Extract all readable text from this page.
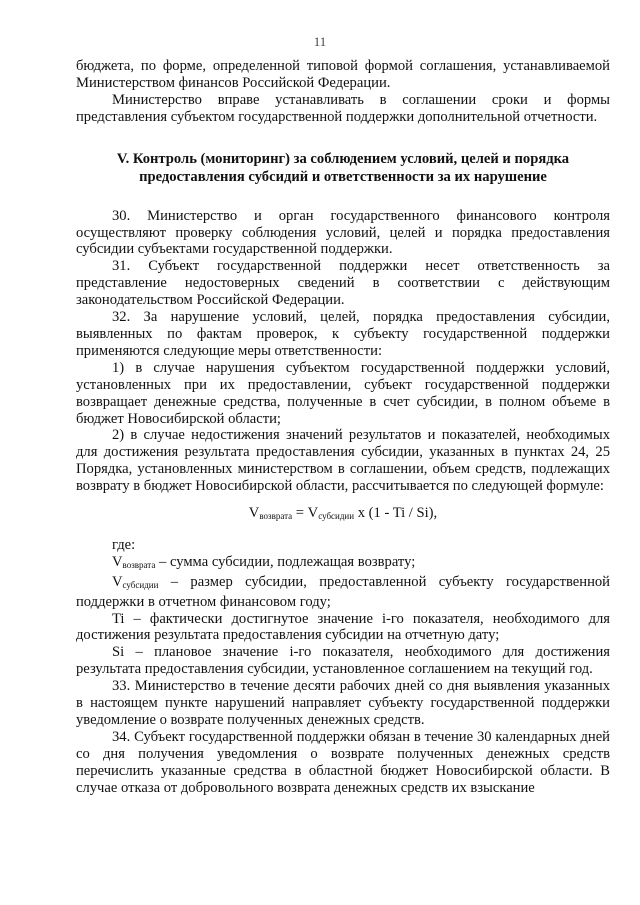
11

бюджета, по форме, определенной типовой формой соглашения, устанавливаемой Министерством финансов Российской Федерации.

Министерство вправе устанавливать в соглашении сроки и формы представления субъектом государственной поддержки дополнительной отчетности.

V. Контроль (мониторинг) за соблюдением условий, целей и порядка предоставления субсидий и ответственности за их нарушение

30. Министерство и орган государственного финансового контроля осуществляют проверку соблюдения условий, целей и порядка предоставления субсидии субъектами государственной поддержки.

31. Субъект государственной поддержки несет ответственность за представление недостоверных сведений в соответствии с действующим законодательством Российской Федерации.

32. За нарушение условий, целей, порядка предоставления субсидии, выявленных по фактам проверок, к субъекту государственной поддержки применяются следующие меры ответственности:

1) в случае нарушения субъектом государственной поддержки условий, установленных при их предоставлении, субъект государственной поддержки возвращает денежные средства, полученные в счет субсидии, в полном объеме в бюджет Новосибирской области;

2) в случае недостижения значений результатов и показателей, необходимых для достижения результата предоставления субсидии, указанных в пунктах 24, 25 Порядка, установленных министерством в соглашении, объем средств, подлежащих возврату в бюджет Новосибирской области, рассчитывается по следующей формуле:

$V_{возврата} = V_{субсидии}$ x (1 - Ti / Si),

где:

$V_{возврата}$ – сумма субсидии, подлежащая возврату;

$V_{субсидии}$ – размер субсидии, предоставленной субъекту государственной поддержки в отчетном финансовом году;

Ti – фактически достигнутое значение i-го показателя, необходимого для достижения результата предоставления субсидии на отчетную дату;

Si – плановое значение i-го показателя, необходимого для достижения результата предоставления субсидии, установленное соглашением на текущий год.

33. Министерство в течение десяти рабочих дней со дня выявления указанных в настоящем пункте нарушений направляет субъекту государственной поддержки уведомление о возврате полученных денежных средств.

34. Субъект государственной поддержки обязан в течение 30 календарных дней со дня получения уведомления о возврате полученных денежных средств перечислить указанные средства в областной бюджет Новосибирской области. В случае отказа от добровольного возврата денежных средств их взыскание
